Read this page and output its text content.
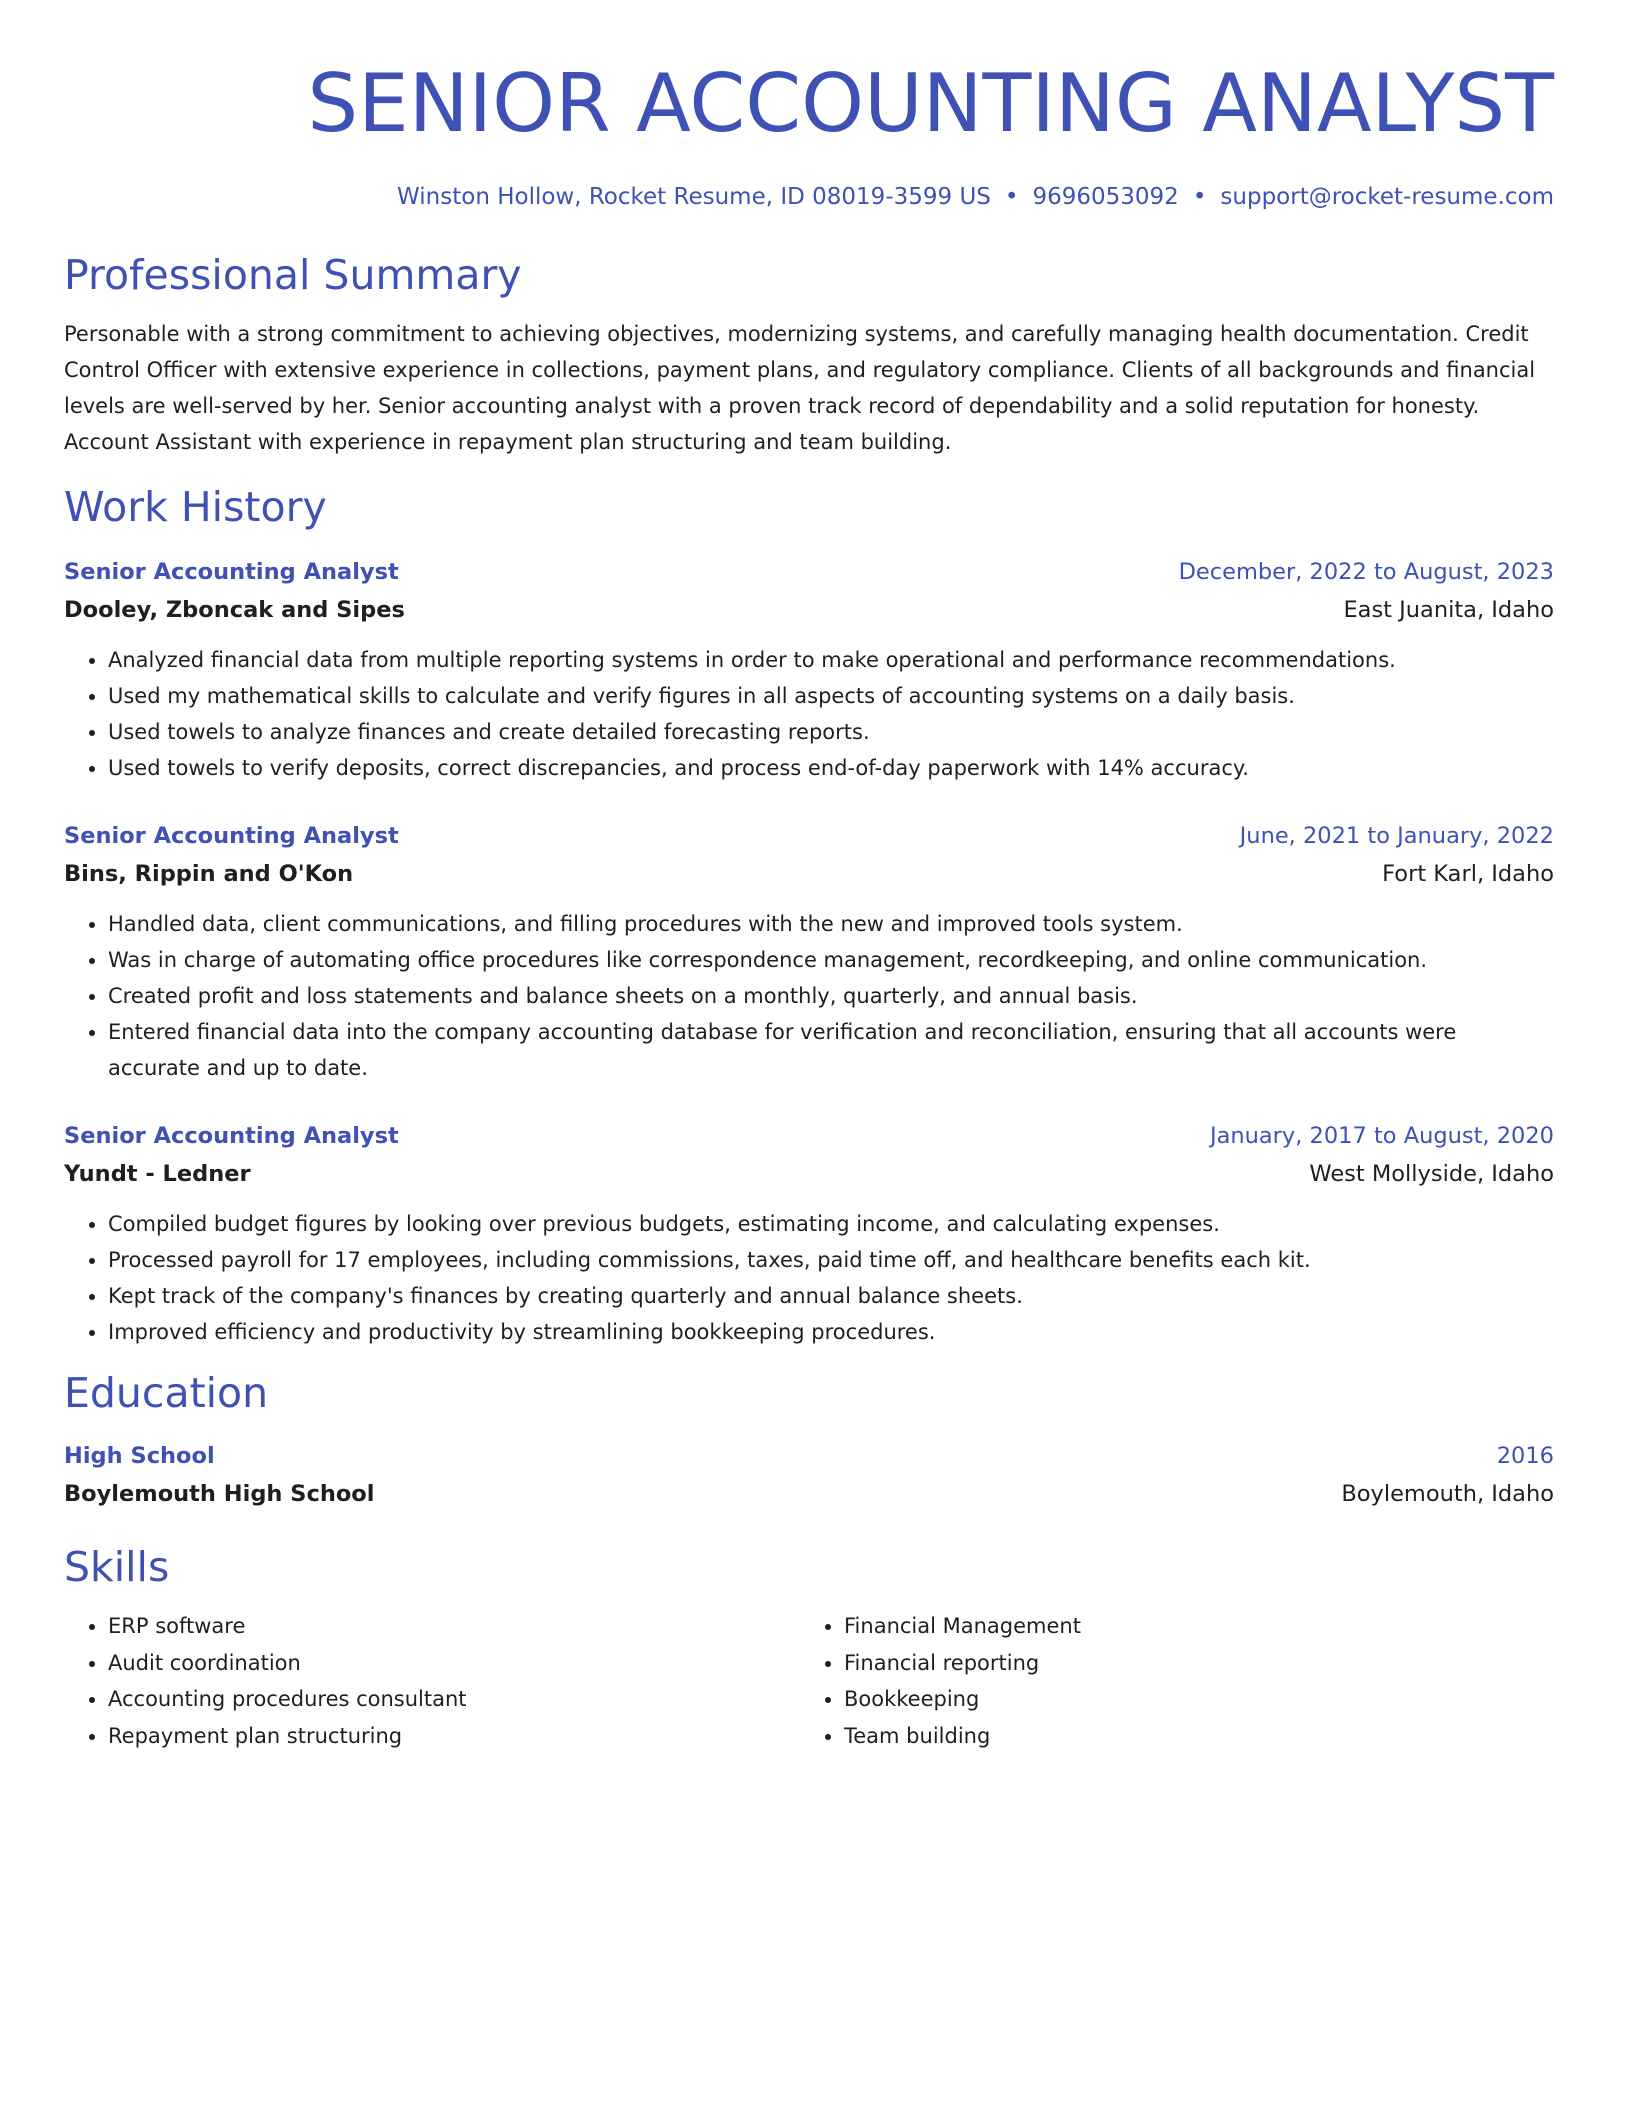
SENIOR ACCOUNTING ANALYST
Winston Hollow, Rocket Resume, ID 08019-3599 US • 9696053092 • support@rocket-resume.com
Professional Summary

Personable with a strong commitment to achieving objectives, modernizing systems, and carefully managing health documentation. Credit Control Officer with extensive experience in collections, payment plans, and regulatory compliance. Clients of all backgrounds and financial levels are well-served by her. Senior accounting analyst with a proven track record of dependability and a solid reputation for honesty. Account Assistant with experience in repayment plan structuring and team building.

Work History
Senior Accounting Analyst	December, 2022 to August, 2023
Dooley, Zboncak and Sipes	East Juanita, Idaho
• Analyzed financial data from multiple reporting systems in order to make operational and performance recommendations.
• Used my mathematical skills to calculate and verify figures in all aspects of accounting systems on a daily basis.
• Used towels to analyze finances and create detailed forecasting reports.
• Used towels to verify deposits, correct discrepancies, and process end-of-day paperwork with 14% accuracy.
Senior Accounting Analyst	June, 2021 to January, 2022
Bins, Rippin and O'Kon	Fort Karl, Idaho
• Handled data, client communications, and filling procedures with the new and improved tools system.
• Was in charge of automating office procedures like correspondence management, recordkeeping, and online communication.
• Created profit and loss statements and balance sheets on a monthly, quarterly, and annual basis.
• Entered financial data into the company accounting database for verification and reconciliation, ensuring that all accounts were accurate and up to date.
Senior Accounting Analyst	January, 2017 to August, 2020
Yundt - Ledner	West Mollyside, Idaho
• Compiled budget figures by looking over previous budgets, estimating income, and calculating expenses.
• Processed payroll for 17 employees, including commissions, taxes, paid time off, and healthcare benefits each kit.
• Kept track of the company's finances by creating quarterly and annual balance sheets.
• Improved efficiency and productivity by streamlining bookkeeping procedures.
Education
High School	2016
Boylemouth High School	Boylemouth, Idaho
Skills
• ERP software
• Audit coordination
• Accounting procedures consultant
• Repayment plan structuring
• Financial Management
• Financial reporting
• Bookkeeping
• Team building
